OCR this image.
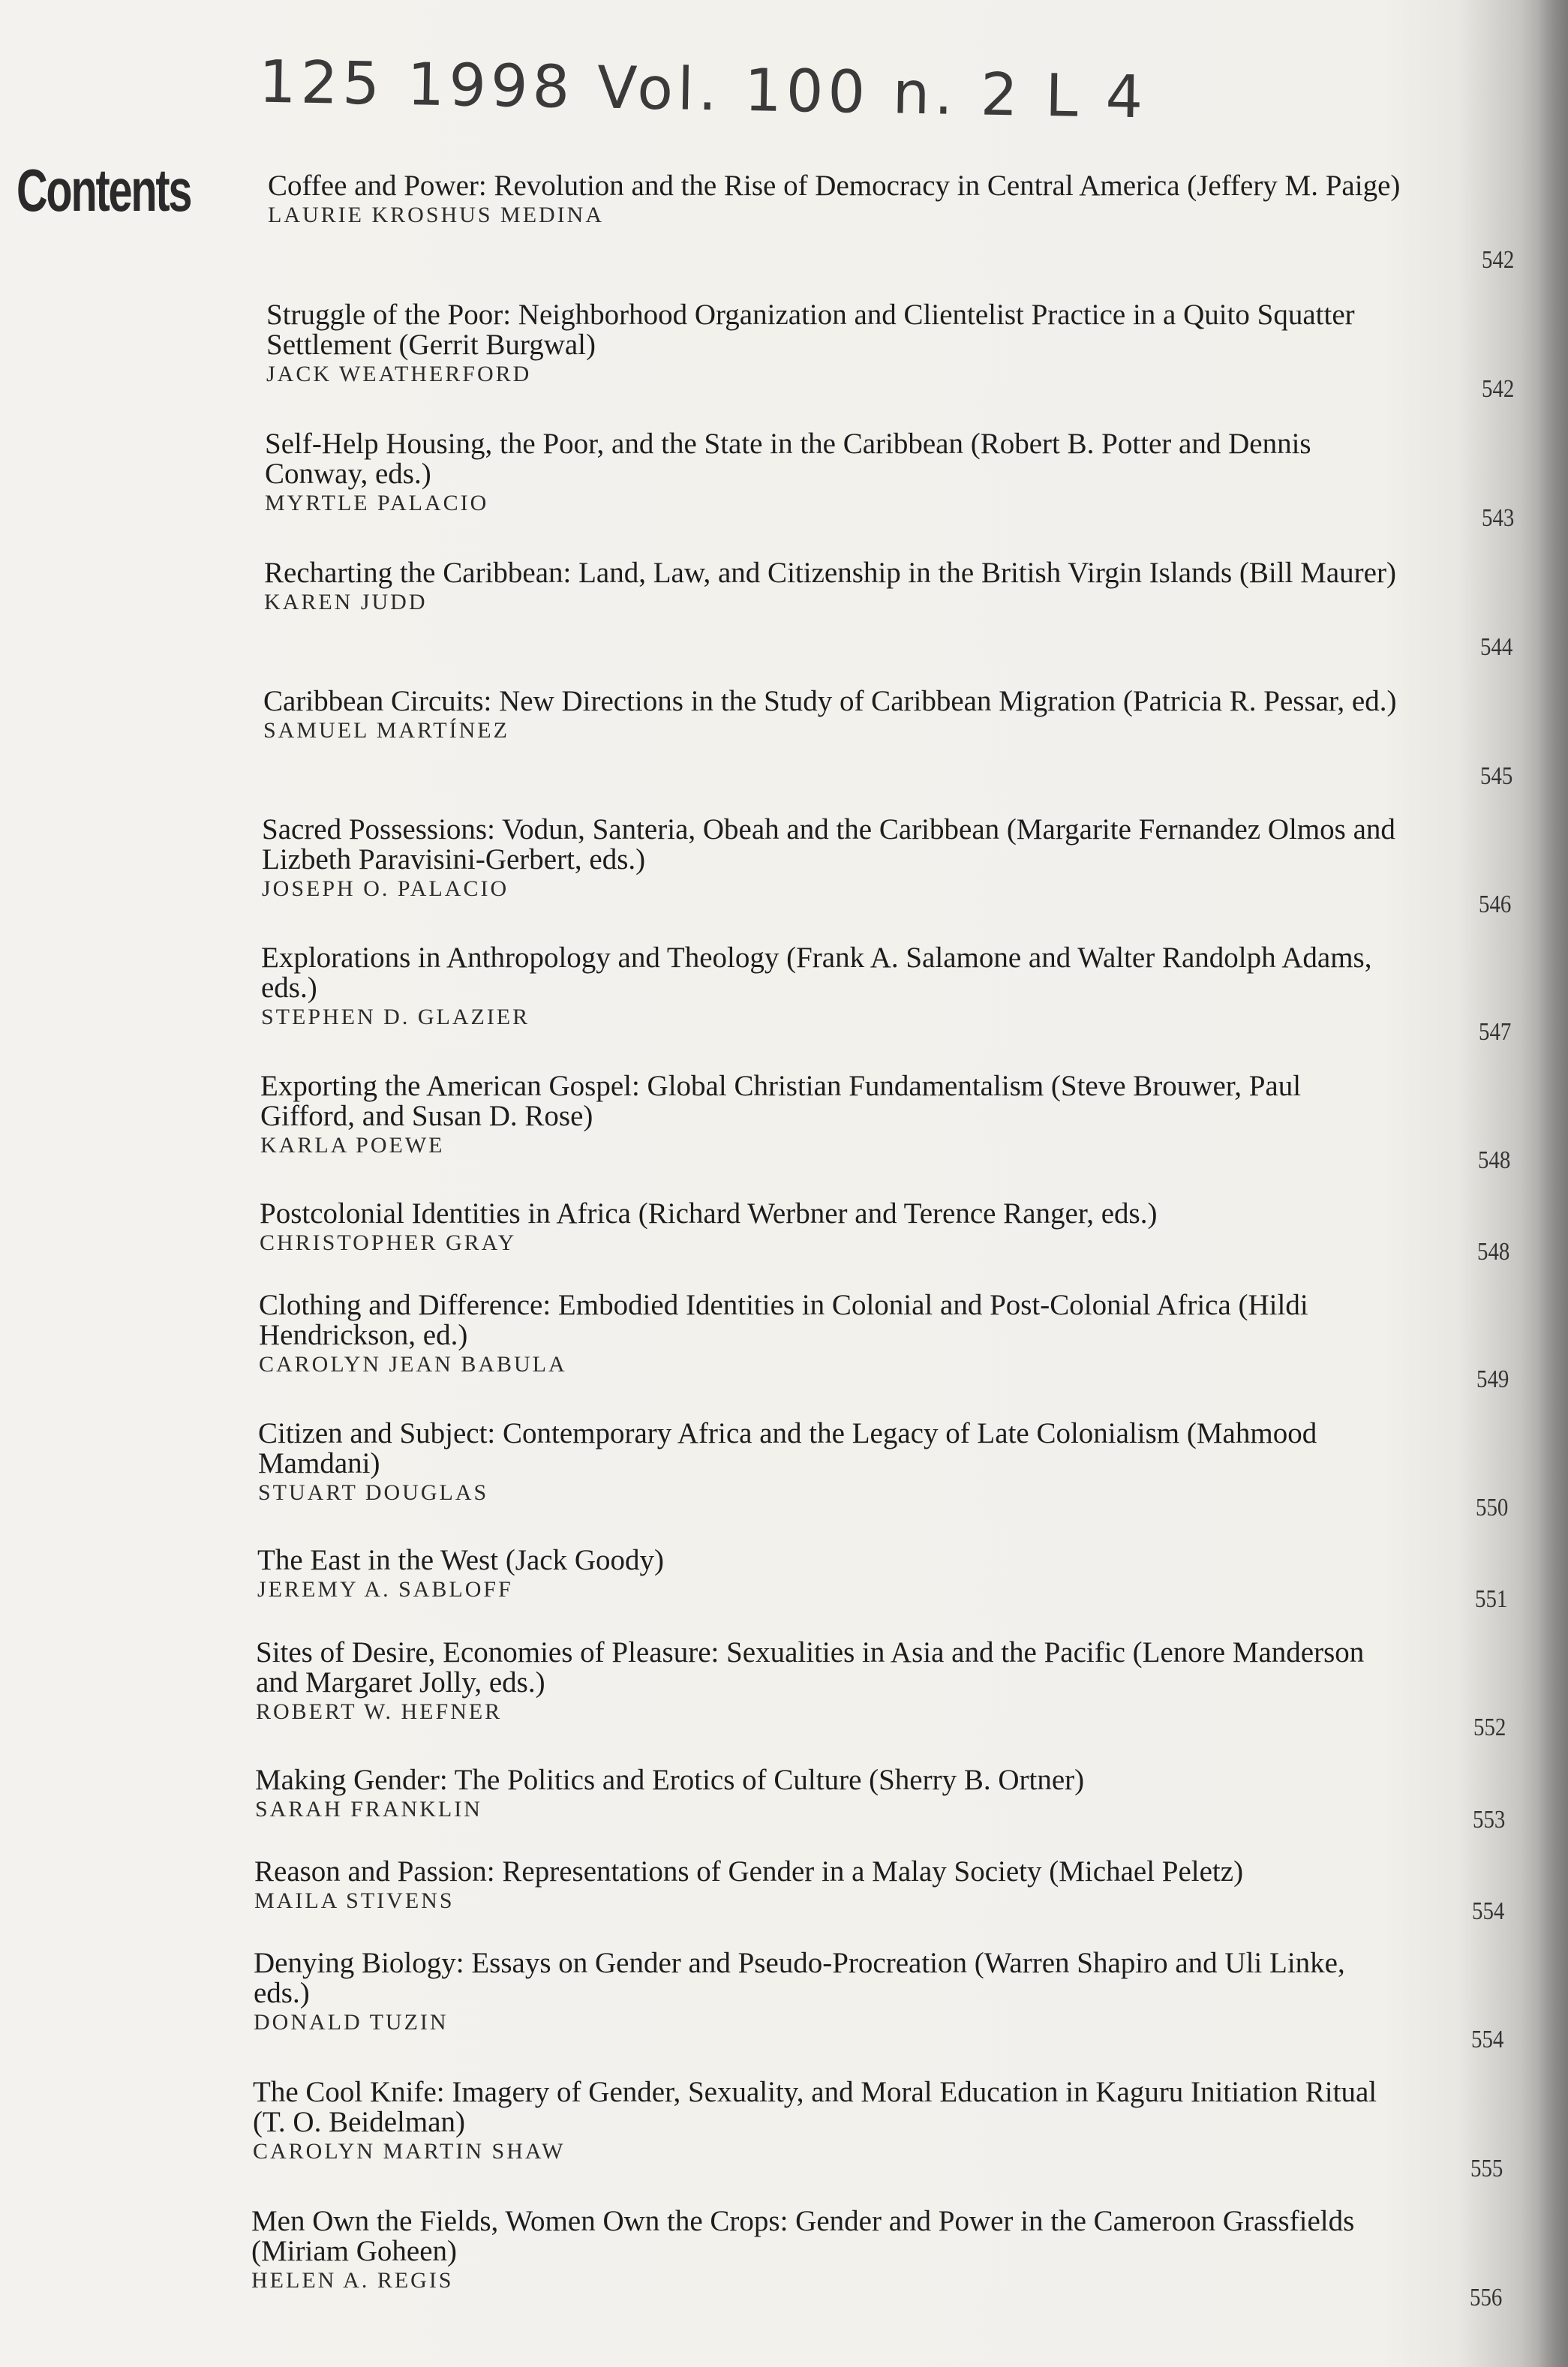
125 1998 Vol. 100 n. 2 L 4
Contents	Coffee and Power: Revolution and the Rise of Democracy in Central America (Jeffery M. Paige)
LAURIE KROSHUS MEDINA
542
Struggle of the Poor: Neighborhood Organization and Clientelist Practice in a Quito Squatter Settlement (Gerrit Burgwal)
JACK WEATHERFORD
542
Self-Help Housing, the Poor, and the State in the Caribbean (Robert B. Potter and Dennis Conway, eds.)
MYRTLE PALACIO
543
Recharting the Caribbean: Land, Law, and Citizenship in the British Virgin Islands (Bill Maurer)
KAREN JUDD
544
Caribbean Circuits: New Directions in the Study of Caribbean Migration (Patricia R. Pessar, ed.)
SAMUEL MARTÍNEZ
545
Sacred Possessions: Vodun, Santeria, Obeah and the Caribbean (Margarite Fernandez Olmos and Lizbeth Paravisini-Gerbert, eds.)
JOSEPH O. PALACIO
546
Explorations in Anthropology and Theology (Frank A. Salamone and Walter Randolph Adams, eds.)
STEPHEN D. GLAZIER
547
Exporting the American Gospel: Global Christian Fundamentalism (Steve Brouwer, Paul Gifford, and Susan D. Rose)
KARLA POEWE
548
Postcolonial Identities in Africa (Richard Werbner and Terence Ranger, eds.)
CHRISTOPHER GRAY	548
Clothing and Difference: Embodied Identities in Colonial and Post-Colonial Africa (Hildi Hendrickson, ed.)
CAROLYN JEAN BABULA
549
Citizen and Subject: Contemporary Africa and the Legacy of Late Colonialism (Mahmood Mamdani)
STUART DOUGLAS
550
The East in the West (Jack Goody)
JEREMY A. SABLOFF	551
Sites of Desire, Economies of Pleasure: Sexualities in Asia and the Pacific (Lenore Manderson and Margaret Jolly, eds.)
ROBERT W. HEFNER
552
Making Gender: The Politics and Erotics of Culture (Sherry B. Ortner)
SARAH FRANKLIN	553
Reason and Passion: Representations of Gender in a Malay Society (Michael Peletz)
MAILA STIVENS	554
Denying Biology: Essays on Gender and Pseudo-Procreation (Warren Shapiro and Uli Linke, eds.)
DONALD TUZIN
554
The Cool Knife: Imagery of Gender, Sexuality, and Moral Education in Kaguru Initiation Ritual (T. O. Beidelman)
CAROLYN MARTIN SHAW
555
Men Own the Fields, Women Own the Crops: Gender and Power in the Cameroon Grassfields (Miriam Goheen)
HELEN A. REGIS
556
